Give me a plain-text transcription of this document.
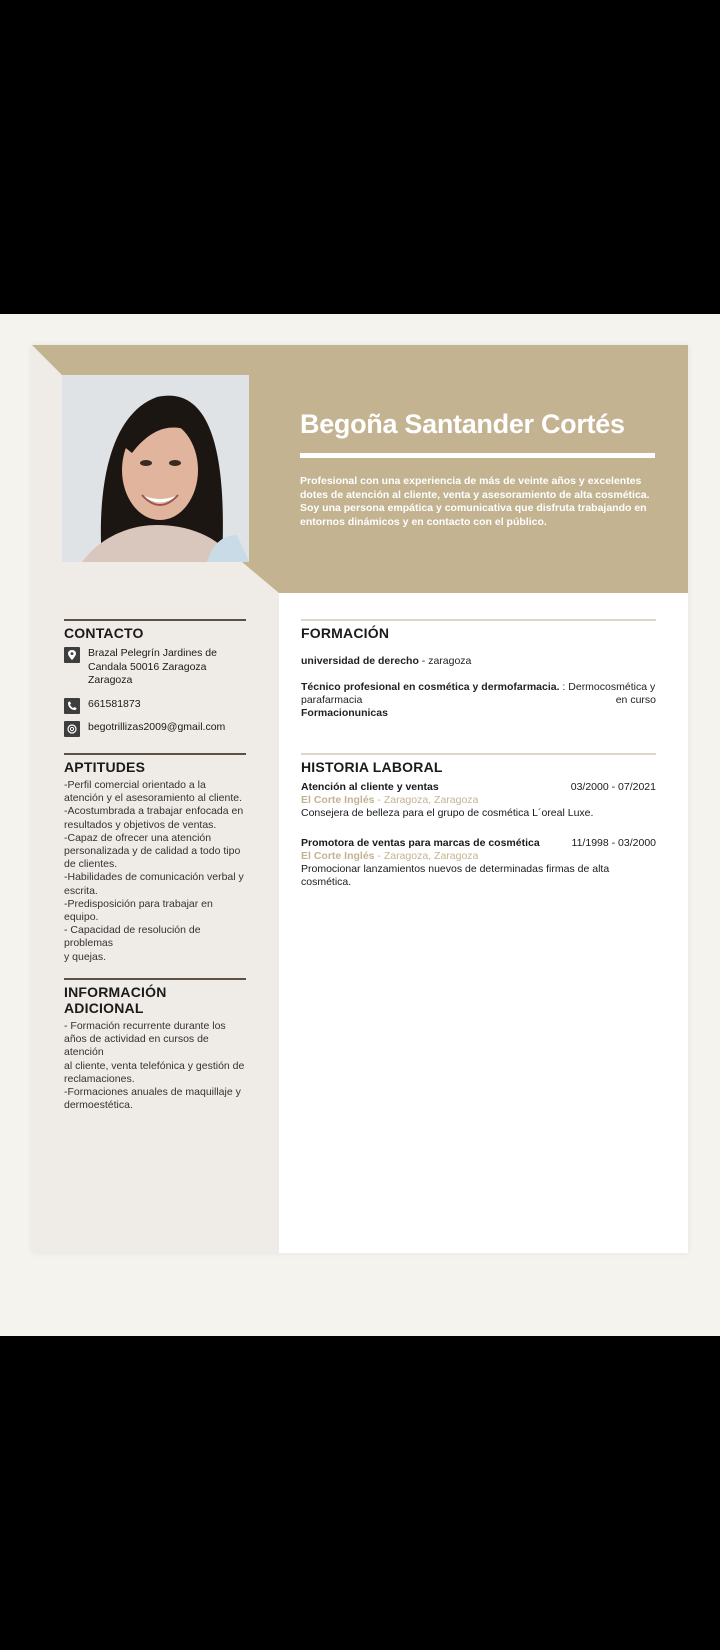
Begoña Santander Cortés
Profesional con una experiencia de más de veinte años y excelentes dotes de atención al cliente, venta y asesoramiento de alta cosmética.
Soy una persona empática y comunicativa que disfruta trabajando en entornos dinámicos y en contacto con el público.
CONTACTO
Brazal Pelegrín Jardines de
Candala 50016 Zaragoza Zaragoza
661581873
begotrillizas2009@gmail.com
APTITUDES
-Perfil comercial orientado a la
atención y el asesoramiento al cliente.
-Acostumbrada a trabajar enfocada en
resultados y objetivos de ventas.
-Capaz de ofrecer una atención
personalizada y de calidad a todo tipo
de clientes.
-Habilidades de comunicación verbal y
escrita.
-Predisposición para trabajar en
equipo.
- Capacidad de resolución de problemas
y quejas.
INFORMACIÓN ADICIONAL
- Formación recurrente durante los
años de actividad en cursos de atención
al cliente, venta telefónica y gestión de
reclamaciones.
-Formaciones anuales de maquillaje y
dermoestética.
FORMACIÓN
universidad de derecho - zaragoza
Técnico profesional en cosmética y dermofarmacia. : Dermocosmética y
parafarmacia	en curso
Formacionunicas
HISTORIA LABORAL
Atención al cliente y ventas	03/2000 - 07/2021
El Corte Inglés - Zaragoza, Zaragoza
Consejera de belleza para el grupo de cosmética L´oreal Luxe.
Promotora de ventas para marcas de cosmética	11/1998 - 03/2000
El Corte Inglés - Zaragoza, Zaragoza
Promocionar lanzamientos nuevos de determinadas firmas de alta cosmética.
